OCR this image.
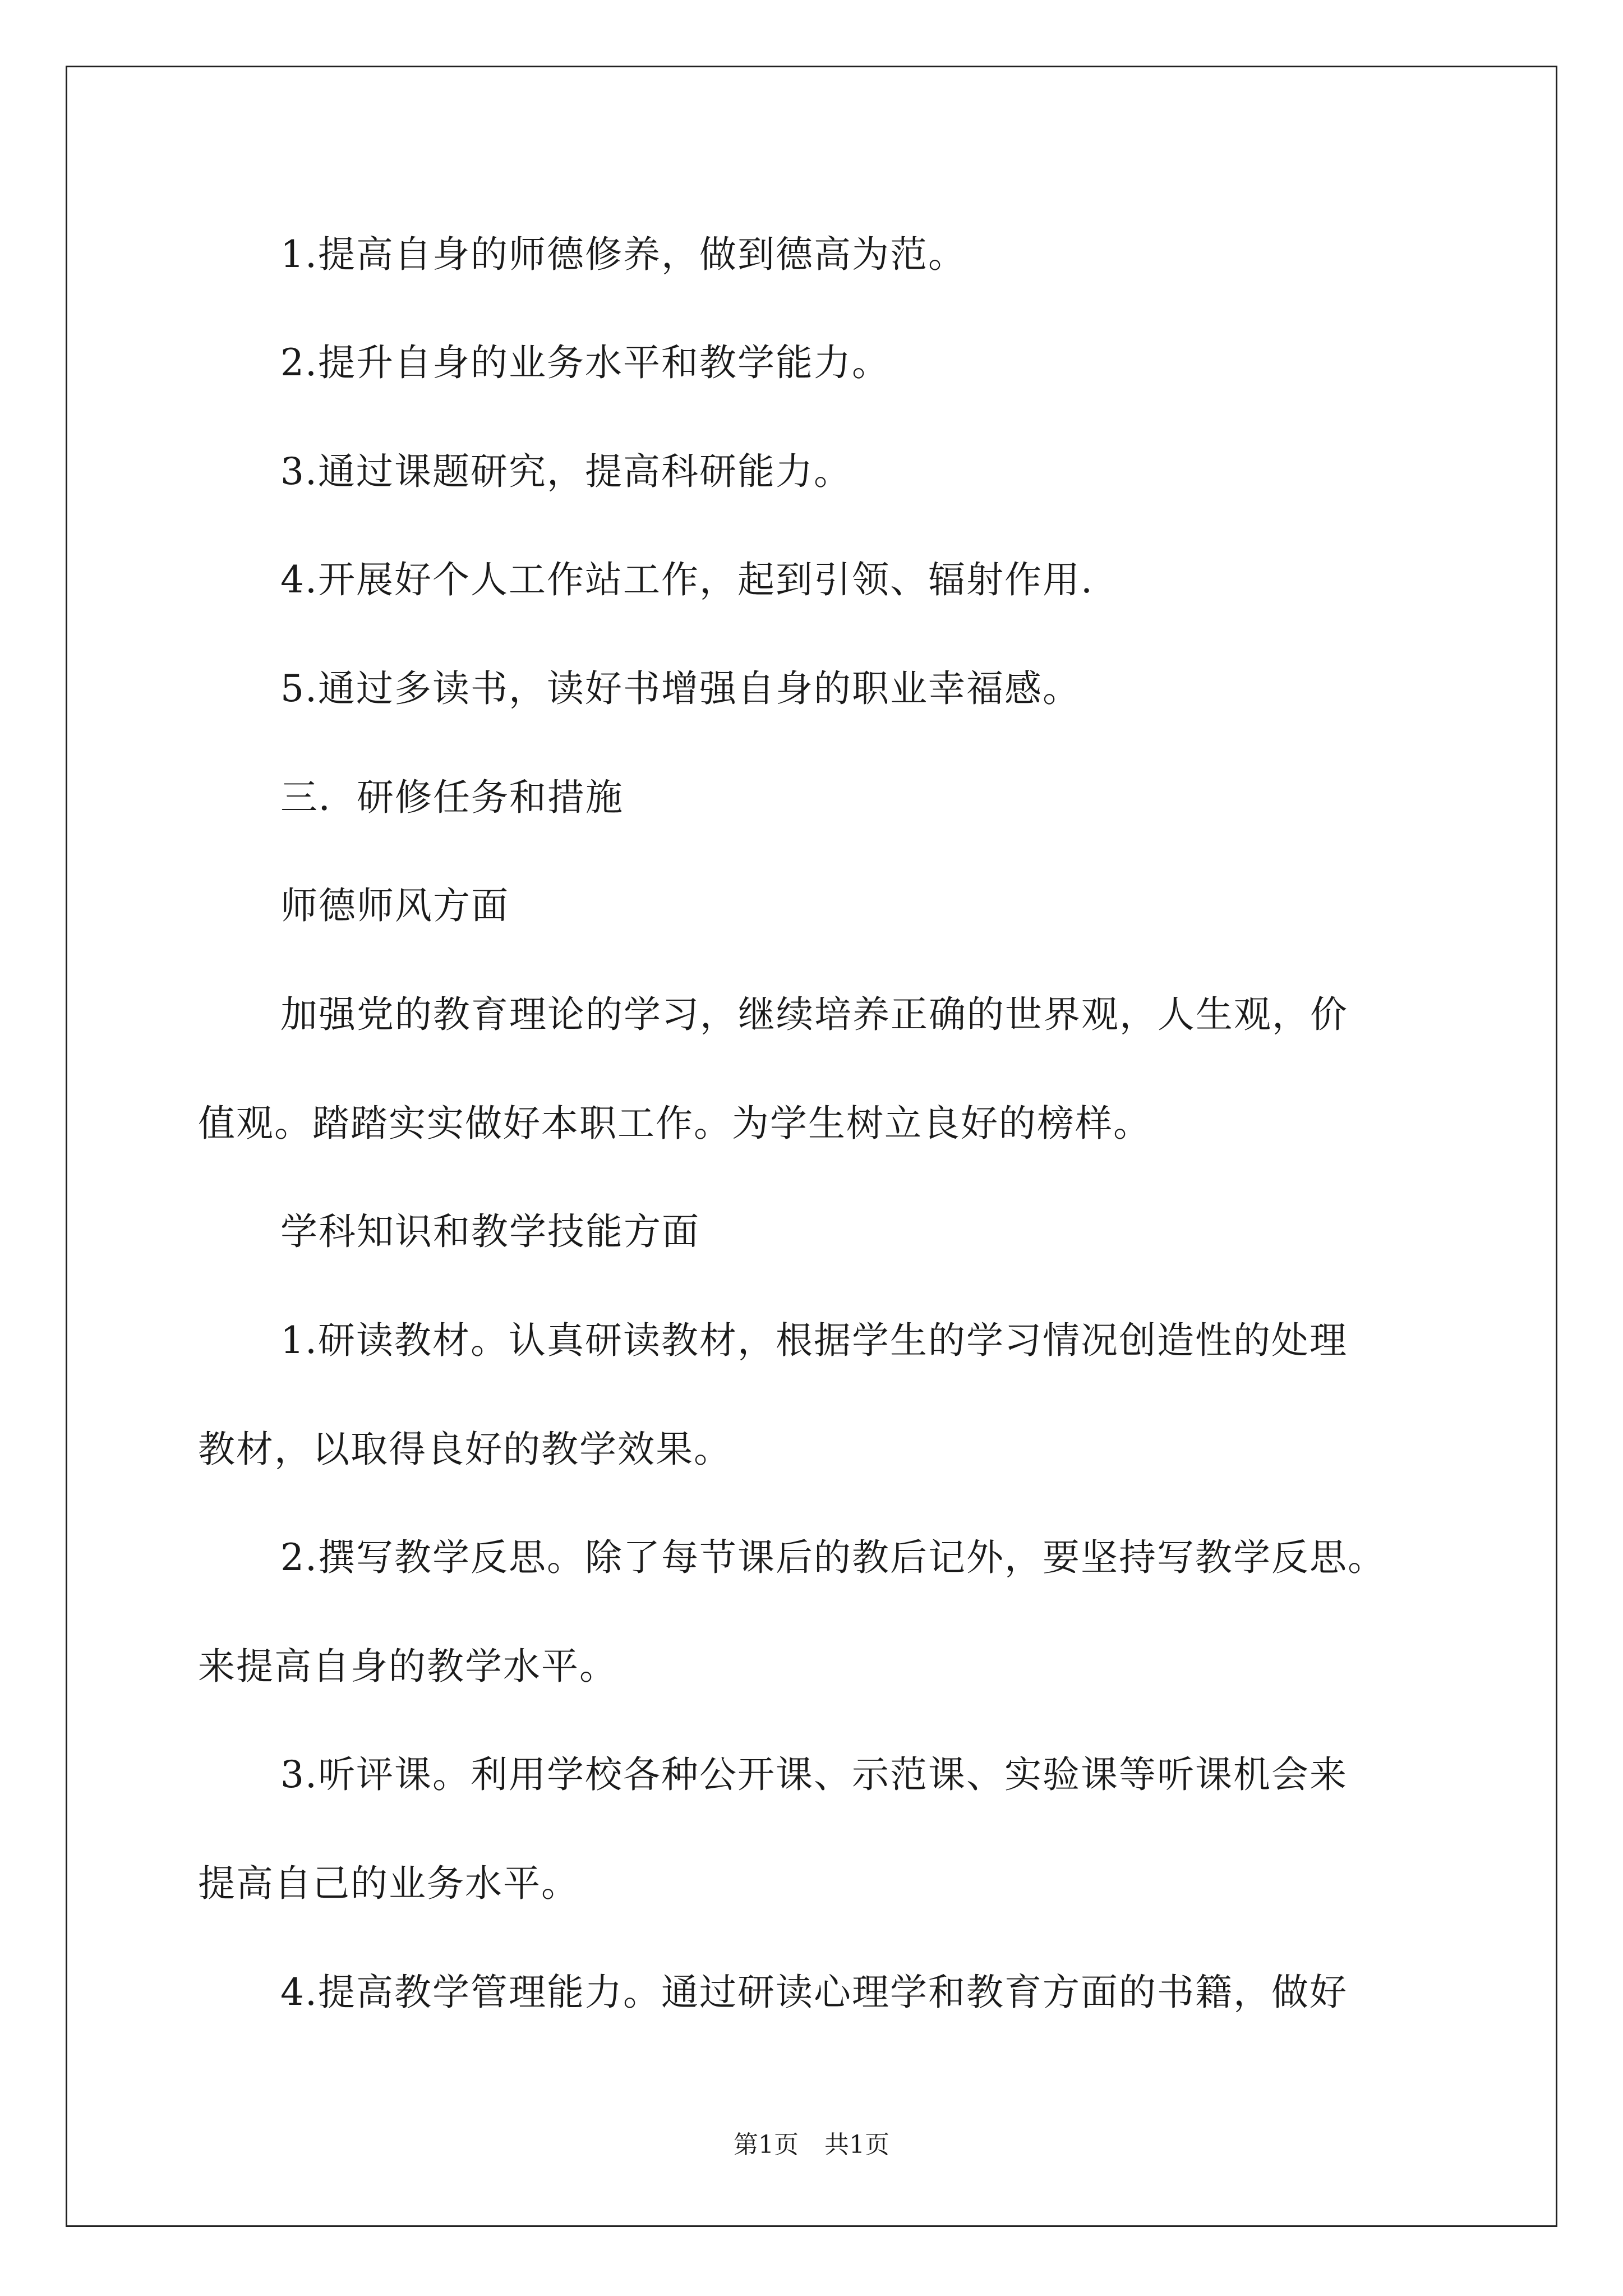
1.提高自身的师德修养，做到德高为范。
2.提升自身的业务水平和教学能力。
3.通过课题研究，提高科研能力。
4.开展好个人工作站工作，起到引领、辐射作用.
5.通过多读书，读好书增强自身的职业幸福感。
三．研修任务和措施
师德师风方面
加强党的教育理论的学习，继续培养正确的世界观，人生观，价
值观。踏踏实实做好本职工作。为学生树立良好的榜样。
学科知识和教学技能方面
1.研读教材。认真研读教材，根据学生的学习情况创造性的处理
教材，以取得良好的教学效果。
2.撰写教学反思。除了每节课后的教后记外，要坚持写教学反思。
来提高自身的教学水平。
3.听评课。利用学校各种公开课、示范课、实验课等听课机会来
提高自己的业务水平。
4.提高教学管理能力。通过研读心理学和教育方面的书籍，做好
第1页 共1页
